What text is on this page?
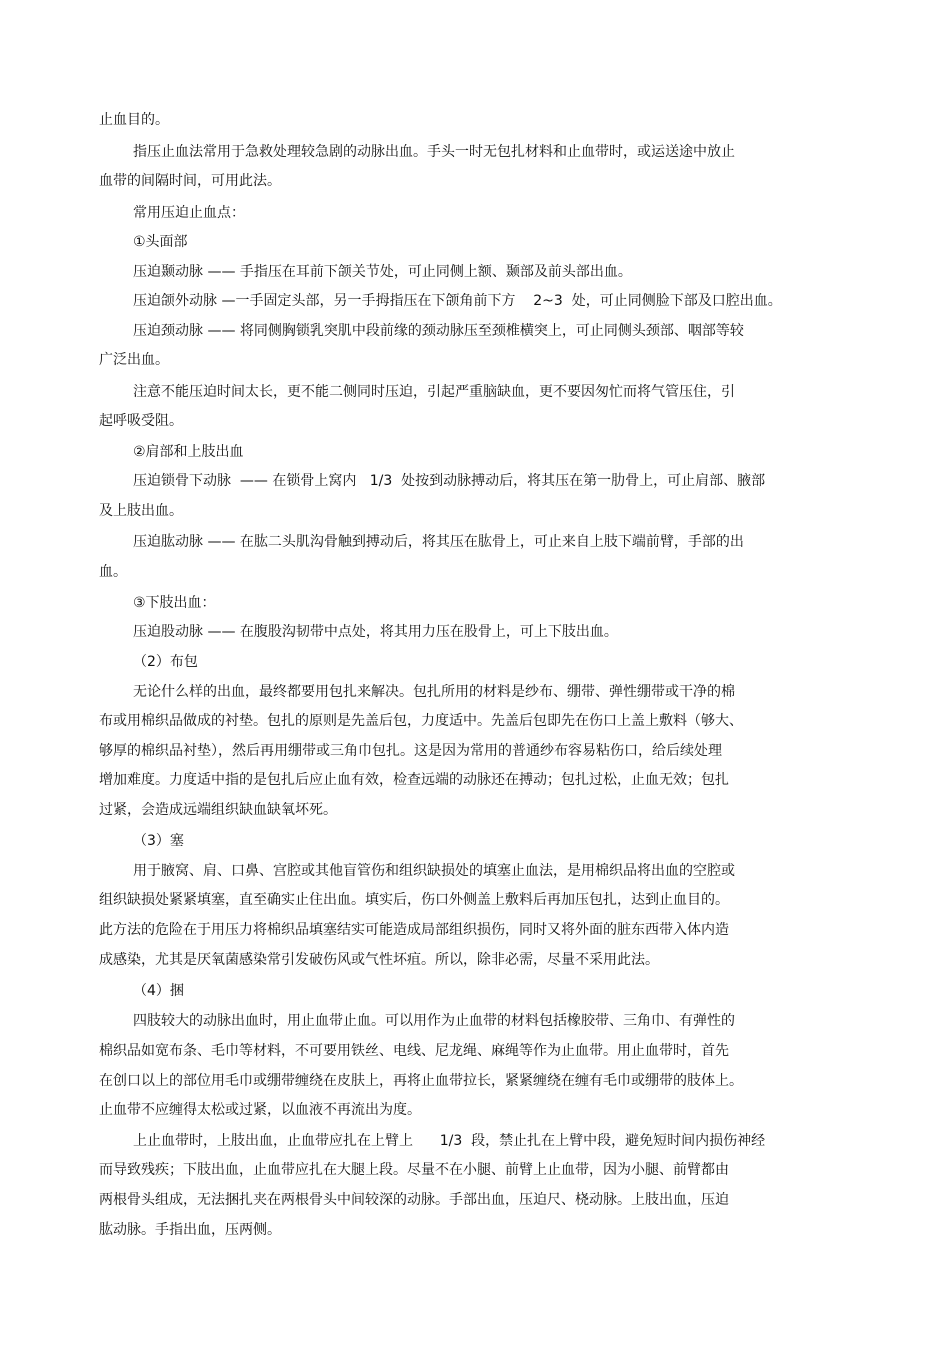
止血目的。
指压止血法常用于急救处理较急剧的动脉出血。手头一时无包扎材料和止血带时，或运送途中放止
血带的间隔时间，可用此法。
常用压迫止血点：
①头面部
压迫颞动脉 —— 手指压在耳前下颌关节处，可止同侧上额、颞部及前头部出血。
压迫颌外动脉 —一手固定头部，另一手拇指压在下颌角前下方    2~3  处，可止同侧脸下部及口腔出血。
压迫颈动脉 —— 将同侧胸锁乳突肌中段前缘的颈动脉压至颈椎横突上，可止同侧头颈部、咽部等较
广泛出血。
注意不能压迫时间太长，更不能二侧同时压迫，引起严重脑缺血，更不要因匆忙而将气管压住，引
起呼吸受阻。
②肩部和上肢出血
压迫锁骨下动脉  —— 在锁骨上窝内   1/3  处按到动脉搏动后，将其压在第一肋骨上，可止肩部、腋部
及上肢出血。
压迫肱动脉 —— 在肱二头肌沟骨触到搏动后，将其压在肱骨上，可止来自上肢下端前臂，手部的出
血。
③下肢出血：
压迫股动脉 —— 在腹股沟韧带中点处，将其用力压在股骨上，可上下肢出血。
（2）布包
无论什么样的出血，最终都要用包扎来解决。包扎所用的材料是纱布、绷带、弹性绷带或干净的棉
布或用棉织品做成的衬垫。包扎的原则是先盖后包，力度适中。先盖后包即先在伤口上盖上敷料（够大、
够厚的棉织品衬垫），然后再用绷带或三角巾包扎。这是因为常用的普通纱布容易粘伤口，给后续处理
增加难度。力度适中指的是包扎后应止血有效，检查远端的动脉还在搏动；包扎过松，止血无效；包扎
过紧，会造成远端组织缺血缺氧坏死。
（3）塞
用于腋窝、肩、口鼻、宫腔或其他盲管伤和组织缺损处的填塞止血法，是用棉织品将出血的空腔或
组织缺损处紧紧填塞，直至确实止住出血。填实后，伤口外侧盖上敷料后再加压包扎，达到止血目的。
此方法的危险在于用压力将棉织品填塞结实可能造成局部组织损伤，同时又将外面的脏东西带入体内造
成感染，尤其是厌氧菌感染常引发破伤风或气性坏疽。所以，除非必需，尽量不采用此法。
（4）捆
四肢较大的动脉出血时，用止血带止血。可以用作为止血带的材料包括橡胶带、三角巾、有弹性的
棉织品如宽布条、毛巾等材料，不可要用铁丝、电线、尼龙绳、麻绳等作为止血带。用止血带时，首先
在创口以上的部位用毛巾或绷带缠绕在皮肤上，再将止血带拉长，紧紧缠绕在缠有毛巾或绷带的肢体上。
止血带不应缠得太松或过紧，以血液不再流出为度。
上止血带时，上肢出血，止血带应扎在上臂上      1/3  段，禁止扎在上臂中段，避免短时间内损伤神经
而导致残疾；下肢出血，止血带应扎在大腿上段。尽量不在小腿、前臂上止血带，因为小腿、前臂都由
两根骨头组成，无法捆扎夹在两根骨头中间较深的动脉。手部出血，压迫尺、桡动脉。上肢出血，压迫
肱动脉。手指出血，压两侧。
